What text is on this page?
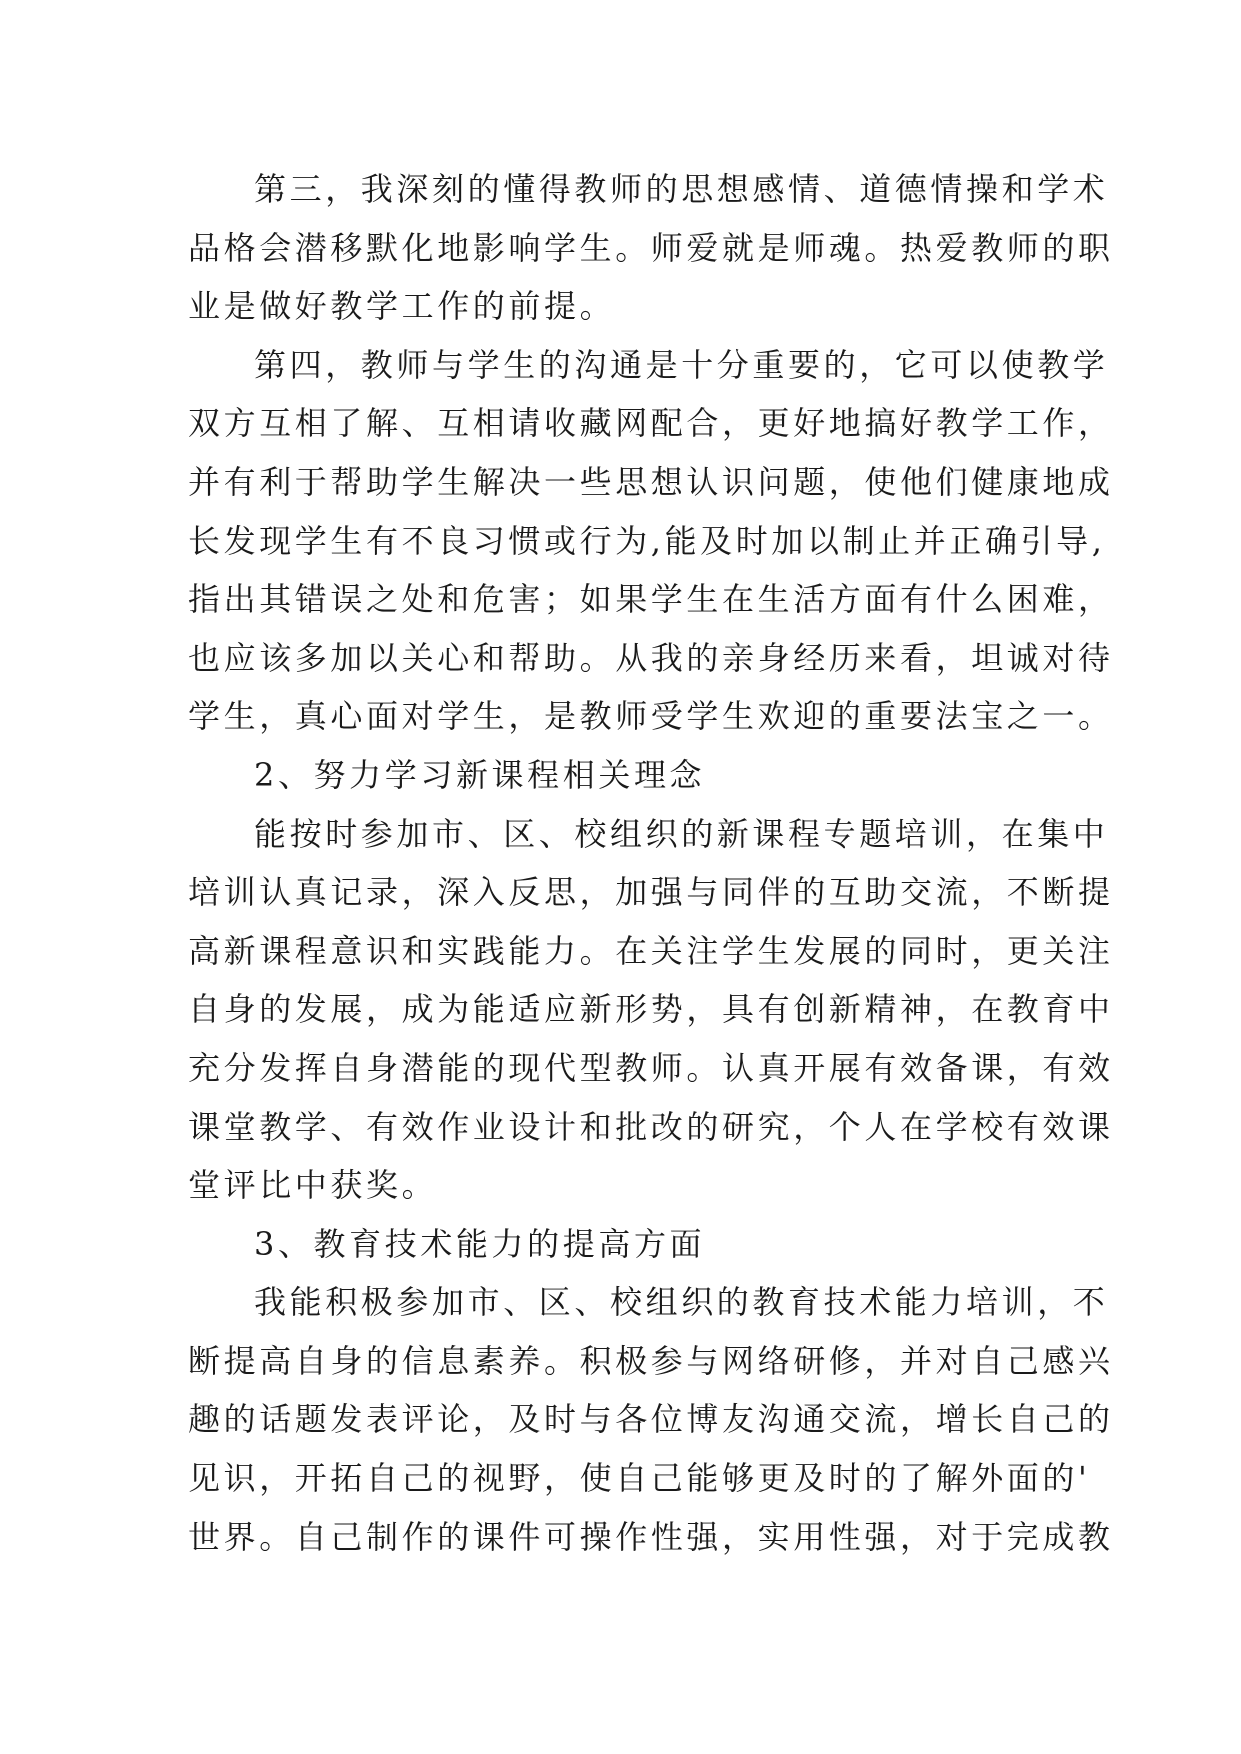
第三，我深刻的懂得教师的思想感情、道德情操和学术
品格会潜移默化地影响学生。师爱就是师魂。热爱教师的职
业是做好教学工作的前提。
第四，教师与学生的沟通是十分重要的，它可以使教学
双方互相了解、互相请收藏网配合，更好地搞好教学工作，
并有利于帮助学生解决一些思想认识问题，使他们健康地成
长发现学生有不良习惯或行为,能及时加以制止并正确引导,
指出其错误之处和危害；如果学生在生活方面有什么困难，
也应该多加以关心和帮助。从我的亲身经历来看，坦诚对待
学生，真心面对学生，是教师受学生欢迎的重要法宝之一。
2、努力学习新课程相关理念
能按时参加市、区、校组织的新课程专题培训，在集中
培训认真记录，深入反思，加强与同伴的互助交流，不断提
高新课程意识和实践能力。在关注学生发展的同时，更关注
自身的发展，成为能适应新形势，具有创新精神，在教育中
充分发挥自身潜能的现代型教师。认真开展有效备课，有效
课堂教学、有效作业设计和批改的研究，个人在学校有效课
堂评比中获奖。
3、教育技术能力的提高方面
我能积极参加市、区、校组织的教育技术能力培训，不
断提高自身的信息素养。积极参与网络研修，并对自己感兴
趣的话题发表评论，及时与各位博友沟通交流，增长自己的
见识，开拓自己的视野，使自己能够更及时的了解外面的'
世界。自己制作的课件可操作性强，实用性强，对于完成教
